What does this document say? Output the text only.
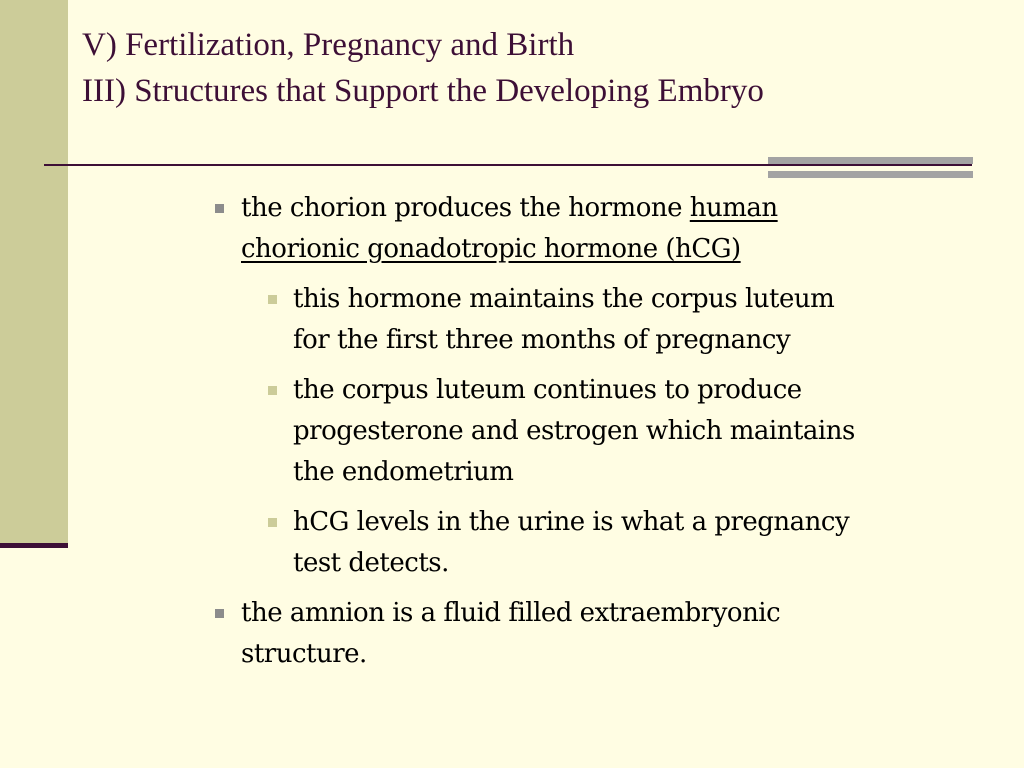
V) Fertilization, Pregnancy and Birth
III) Structures that Support the Developing Embryo
the chorion produces the hormone human
chorionic gonadotropic hormone (hCG)
this hormone maintains the corpus luteum
for the first three months of pregnancy
the corpus luteum continues to produce
progesterone and estrogen which maintains
the endometrium
hCG levels in the urine is what a pregnancy
test detects.
the amnion is a fluid filled extraembryonic
structure.
